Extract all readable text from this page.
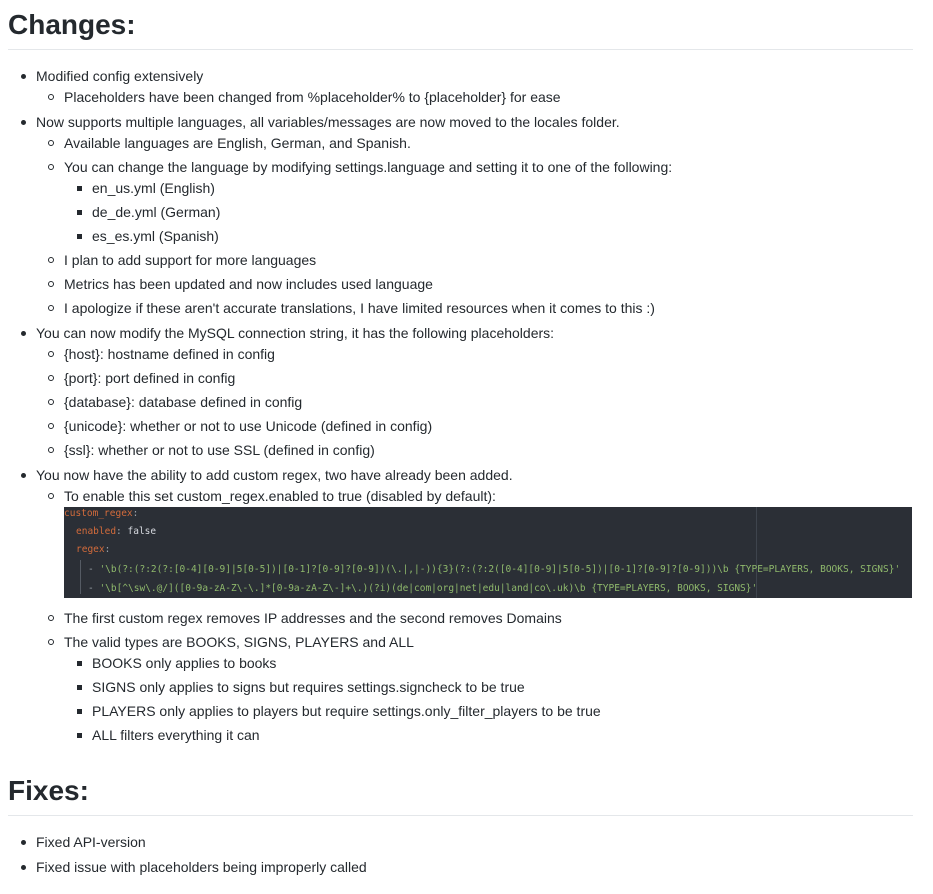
Changes:
Modified config extensively
Placeholders have been changed from %placeholder% to {placeholder} for ease
Now supports multiple languages, all variables/messages are now moved to the locales folder.
Available languages are English, German, and Spanish.
You can change the language by modifying settings.language and setting it to one of the following:
en_us.yml (English)
de_de.yml (German)
es_es.yml (Spanish)
I plan to add support for more languages
Metrics has been updated and now includes used language
I apologize if these aren't accurate translations, I have limited resources when it comes to this :)
You can now modify the MySQL connection string, it has the following placeholders:
{host}: hostname defined in config
{port}: port defined in config
{database}: database defined in config
{unicode}: whether or not to use Unicode (defined in config)
{ssl}: whether or not to use SSL (defined in config)
You now have the ability to add custom regex, two have already been added.
To enable this set custom_regex.enabled to true (disabled by default):
custom_regex:
enabled: false
regex:
- '\b(?:(?:2(?:[0-4][0-9]|5[0-5])|[0-1]?[0-9]?[0-9])(\.|,|-)){3}(?:(?:2([0-4][0-9]|5[0-5])|[0-1]?[0-9]?[0-9]))\b {TYPE=PLAYERS, BOOKS, SIGNS}'
- '\b[^\sw\.@/]([0-9a-zA-Z\-\.]*[0-9a-zA-Z\-]+\.)(?i)(de|com|org|net|edu|land|co\.uk)\b {TYPE=PLAYERS, BOOKS, SIGNS}'
The first custom regex removes IP addresses and the second removes Domains
The valid types are BOOKS, SIGNS, PLAYERS and ALL
BOOKS only applies to books
SIGNS only applies to signs but requires settings.signcheck to be true
PLAYERS only applies to players but require settings.only_filter_players to be true
ALL filters everything it can
Fixes:
Fixed API-version
Fixed issue with placeholders being improperly called
